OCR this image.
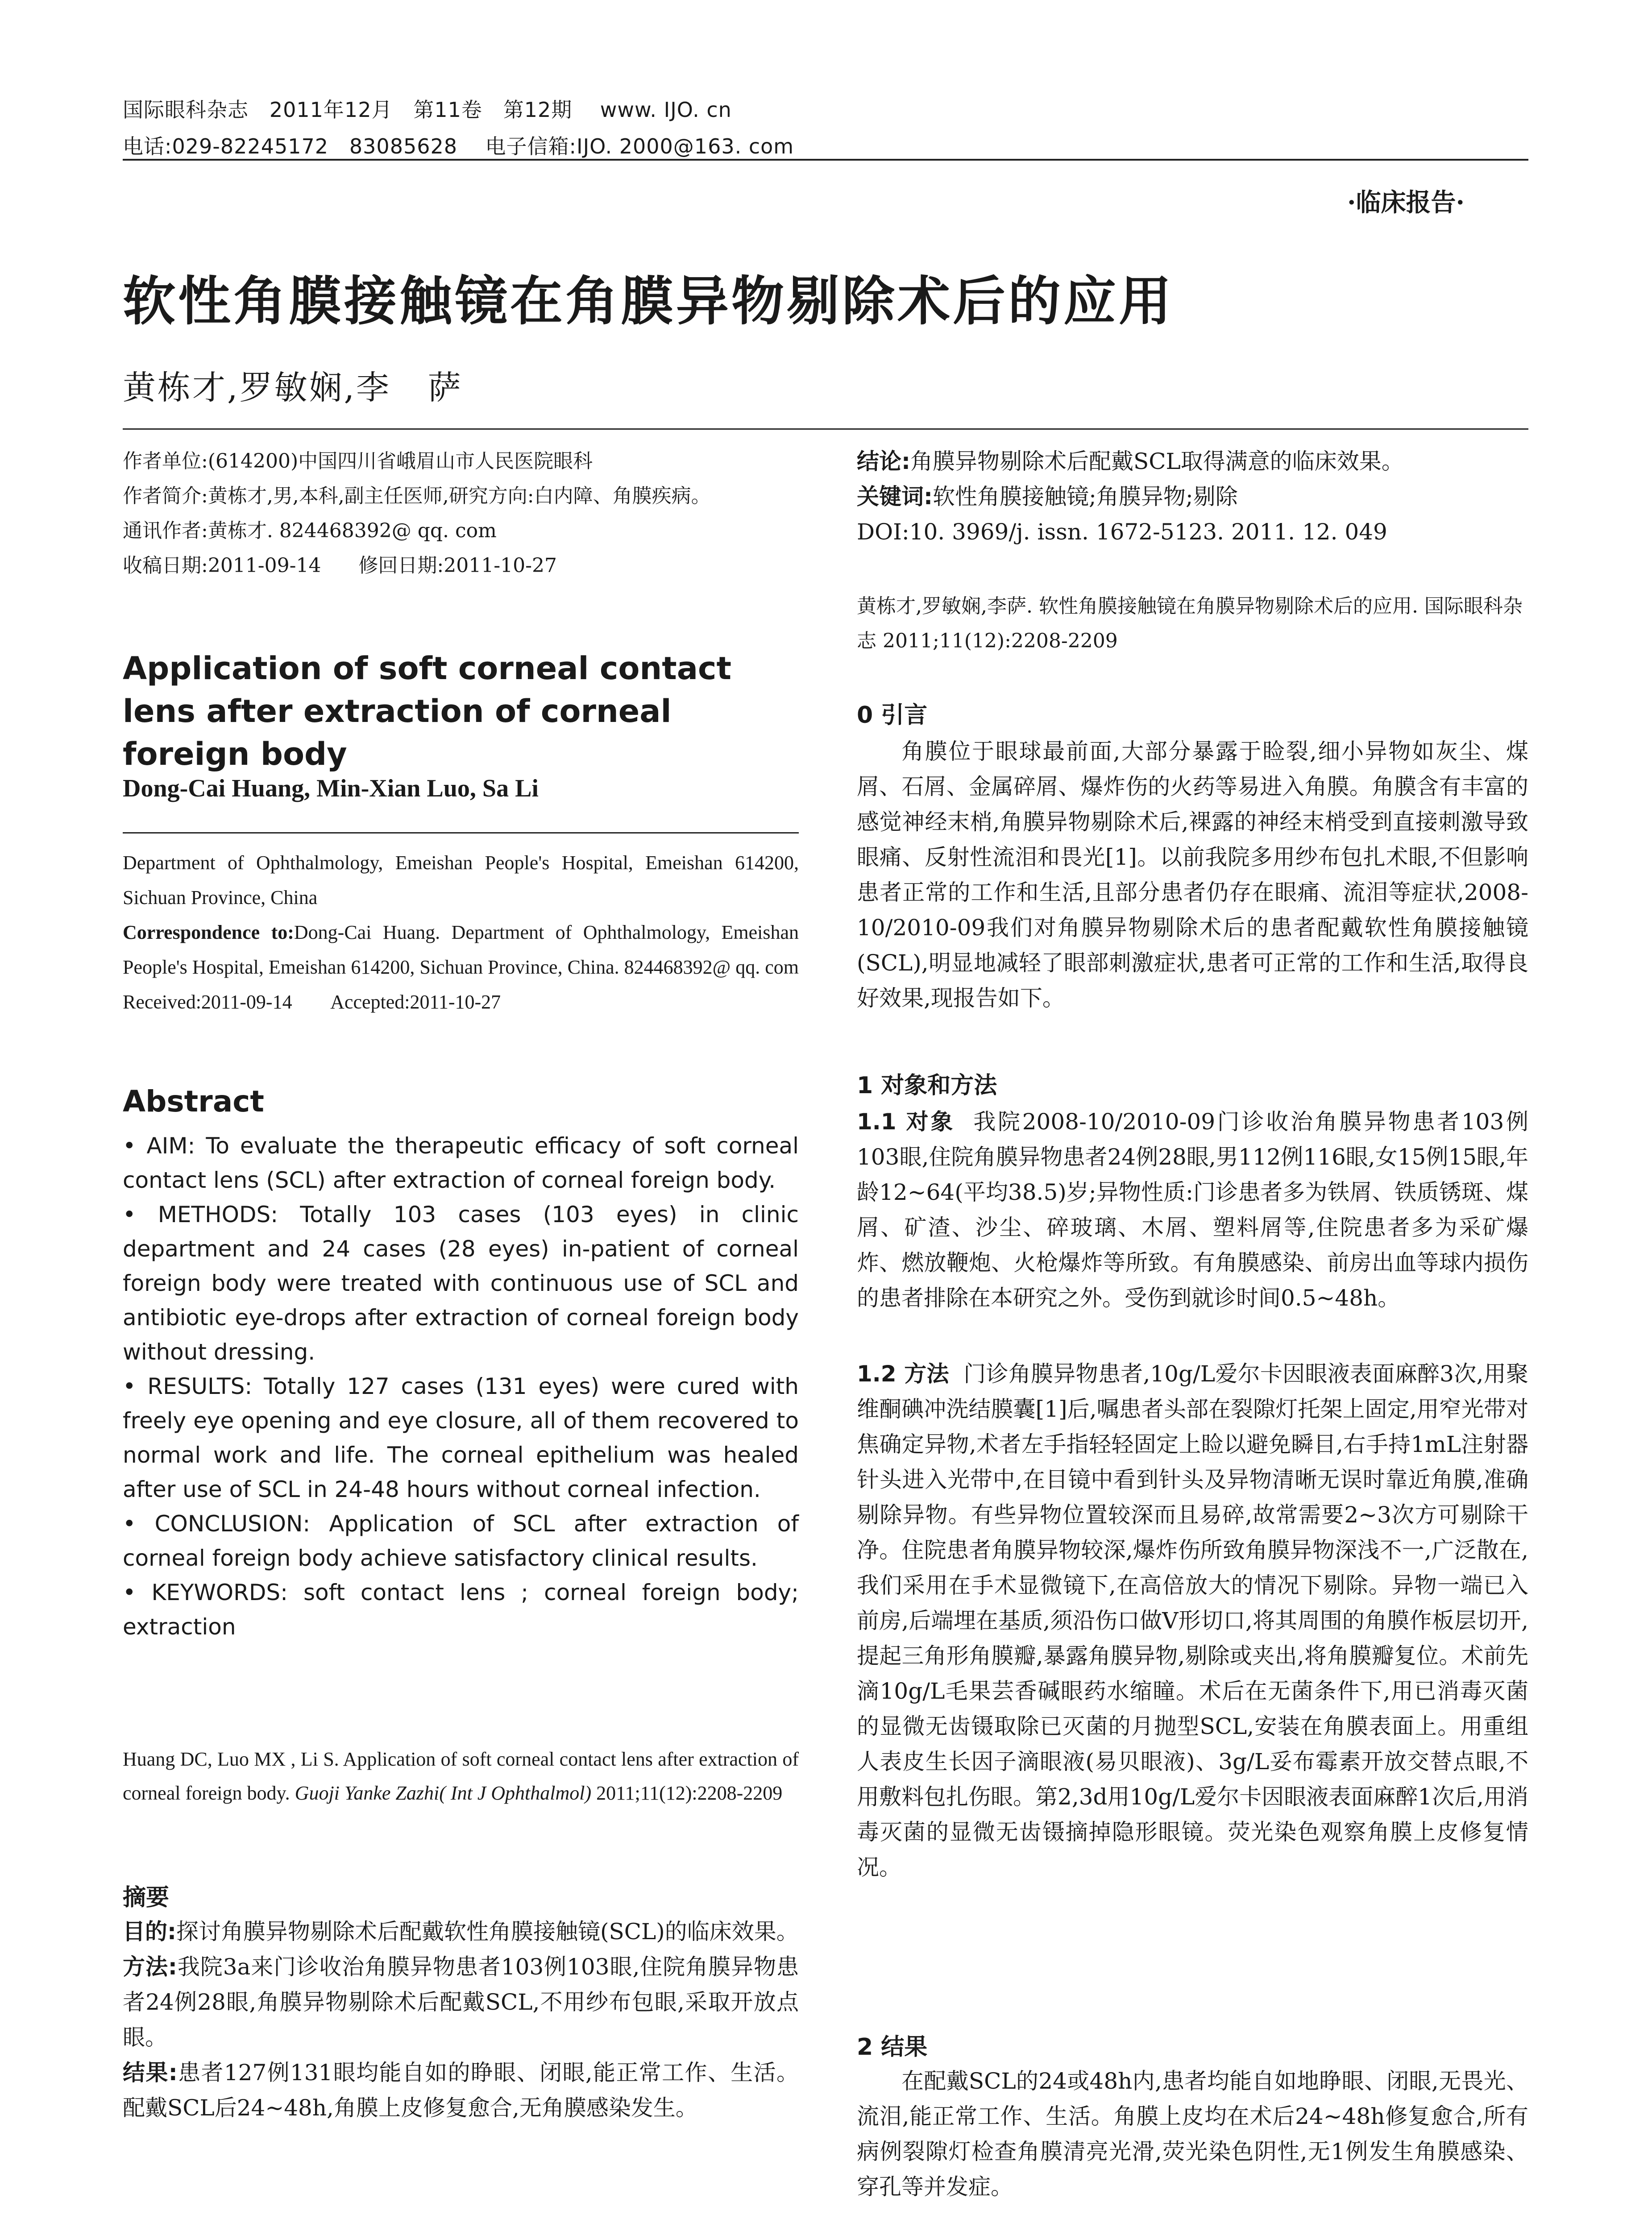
国际眼科杂志   2011年12月   第11卷   第12期    www. IJO. cn
电话:029-82245172   83085628    电子信箱:IJO. 2000@163. com
·临床报告·
软性角膜接触镜在角膜异物剔除术后的应用
黄栋才,罗敏娴,李   萨
作者单位:(614200)中国四川省峨眉山市人民医院眼科
作者简介:黄栋才,男,本科,副主任医师,研究方向:白内障、角膜疾病。
通讯作者:黄栋才. 824468392@ qq. com
收稿日期:2011-09-14      修回日期:2011-10-27
Application of soft corneal contact lens after extraction of corneal foreign body
Dong-Cai Huang, Min-Xian Luo, Sa Li
Department of Ophthalmology, Emeishan People's Hospital, Emeishan 614200, Sichuan Province, China
Correspondence to:Dong-Cai Huang. Department of Ophthalmology, Emeishan People's Hospital, Emeishan 614200, Sichuan Province, China. 824468392@ qq. com
Received:2011-09-14        Accepted:2011-10-27
Abstract

• AIM: To evaluate the therapeutic efficacy of soft corneal contact lens (SCL) after extraction of corneal foreign body.

• METHODS: Totally 103 cases (103 eyes) in clinic department and 24 cases (28 eyes) in-patient of corneal foreign body were treated with continuous use of SCL and antibiotic eye-drops after extraction of corneal foreign body without dressing.

• RESULTS: Totally 127 cases (131 eyes) were cured with freely eye opening and eye closure, all of them recovered to normal work and life. The corneal epithelium was healed after use of SCL in 24-48 hours without corneal infection.

• CONCLUSION: Application of SCL after extraction of corneal foreign body achieve satisfactory clinical results.

• KEYWORDS: soft contact lens ; corneal foreign body; extraction

Huang DC, Luo MX , Li S. Application of soft corneal contact lens after extraction of corneal foreign body. Guoji Yanke Zazhi( Int J Ophthalmol) 2011;11(12):2208-2209
摘要

目的:探讨角膜异物剔除术后配戴软性角膜接触镜(SCL)的临床效果。

方法:我院3a来门诊收治角膜异物患者103例103眼,住院角膜异物患者24例28眼,角膜异物剔除术后配戴SCL,不用纱布包眼,采取开放点眼。

结果:患者127例131眼均能自如的睁眼、闭眼,能正常工作、生活。配戴SCL后24~48h,角膜上皮修复愈合,无角膜感染发生。

结论:角膜异物剔除术后配戴SCL取得满意的临床效果。

关键词:软性角膜接触镜;角膜异物;剔除

DOI:10. 3969/j. issn. 1672-5123. 2011. 12. 049

黄栋才,罗敏娴,李萨. 软性角膜接触镜在角膜异物剔除术后的应用. 国际眼科杂志 2011;11(12):2208-2209
0 引言
角膜位于眼球最前面,大部分暴露于睑裂,细小异物如灰尘、煤屑、石屑、金属碎屑、爆炸伤的火药等易进入角膜。角膜含有丰富的感觉神经末梢,角膜异物剔除术后,裸露的神经末梢受到直接刺激导致眼痛、反射性流泪和畏光[1]。以前我院多用纱布包扎术眼,不但影响患者正常的工作和生活,且部分患者仍存在眼痛、流泪等症状,2008-10/2010-09我们对角膜异物剔除术后的患者配戴软性角膜接触镜(SCL),明显地减轻了眼部刺激症状,患者可正常的工作和生活,取得良好效果,现报告如下。
1 对象和方法
1.1 对象 我院2008-10/2010-09门诊收治角膜异物患者103例103眼,住院角膜异物患者24例28眼,男112例116眼,女15例15眼,年龄12~64(平均38.5)岁;异物性质:门诊患者多为铁屑、铁质锈斑、煤屑、矿渣、沙尘、碎玻璃、木屑、塑料屑等,住院患者多为采矿爆炸、燃放鞭炮、火枪爆炸等所致。有角膜感染、前房出血等球内损伤的患者排除在本研究之外。受伤到就诊时间0.5~48h。
1.2 方法 门诊角膜异物患者,10g/L爱尔卡因眼液表面麻醉3次,用聚维酮碘冲洗结膜囊[1]后,嘱患者头部在裂隙灯托架上固定,用窄光带对焦确定异物,术者左手指轻轻固定上睑以避免瞬目,右手持1mL注射器针头进入光带中,在目镜中看到针头及异物清晰无误时靠近角膜,准确剔除异物。有些异物位置较深而且易碎,故常需要2~3次方可剔除干净。住院患者角膜异物较深,爆炸伤所致角膜异物深浅不一,广泛散在,我们采用在手术显微镜下,在高倍放大的情况下剔除。异物一端已入前房,后端埋在基质,须沿伤口做V形切口,将其周围的角膜作板层切开,提起三角形角膜瓣,暴露角膜异物,剔除或夹出,将角膜瓣复位。术前先滴10g/L毛果芸香碱眼药水缩瞳。术后在无菌条件下,用已消毒灭菌的显微无齿镊取除已灭菌的月抛型SCL,安装在角膜表面上。用重组人表皮生长因子滴眼液(易贝眼液)、3g/L妥布霉素开放交替点眼,不用敷料包扎伤眼。第2,3d用10g/L爱尔卡因眼液表面麻醉1次后,用消毒灭菌的显微无齿镊摘掉隐形眼镜。荧光染色观察角膜上皮修复情况。
2 结果
在配戴SCL的24或48h内,患者均能自如地睁眼、闭眼,无畏光、流泪,能正常工作、生活。角膜上皮均在术后24~48h修复愈合,所有病例裂隙灯检查角膜清亮光滑,荧光染色阴性,无1例发生角膜感染、穿孔等并发症。
